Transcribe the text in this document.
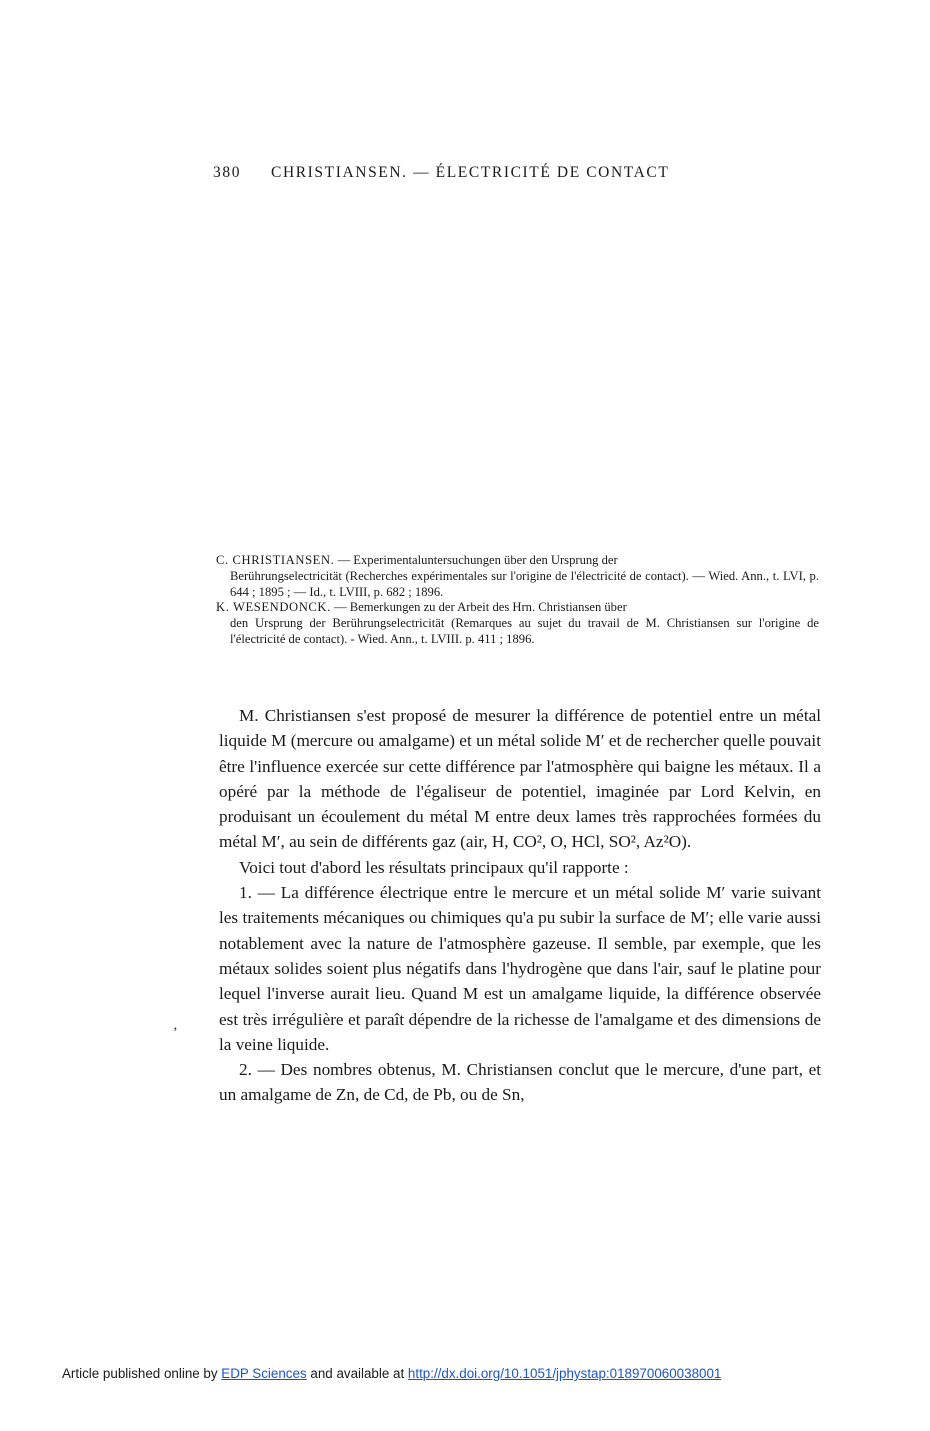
380 CHRISTIANSEN. — ÉLECTRICITÉ DE CONTACT

C. CHRISTIANSEN. — Experimentaluntersuchungen über den Ursprung der
Berührungselectricität (Recherches expérimentales sur l'origine de l'électricité de contact). — Wied. Ann., t. LVI, p. 644 ; 1895 ; — Id., t. LVIII, p. 682 ; 1896.

K. WESENDONCK. — Bemerkungen zu der Arbeit des Hrn. Christiansen über
den Ursprung der Berührungselectricität (Remarques au sujet du travail de M. Christiansen sur l'origine de l'électricité de contact). - Wied. Ann., t. LVIII. p. 411 ; 1896.

M. Christiansen s'est proposé de mesurer la différence de potentiel entre un métal liquide M (mercure ou amalgame) et un métal solide M′ et de rechercher quelle pouvait être l'influence exercée sur cette différence par l'atmosphère qui baigne les métaux. Il a opéré par la méthode de l'égaliseur de potentiel, imaginée par Lord Kelvin, en produisant un écoulement du métal M entre deux lames très rapprochées formées du métal M′, au sein de différents gaz (air, H, CO², O, HCl, SO², Az²O).

Voici tout d'abord les résultats principaux qu'il rapporte :

1. — La différence électrique entre le mercure et un métal solide M′ varie suivant les traitements mécaniques ou chimiques qu'a pu subir la surface de M′; elle varie aussi notablement avec la nature de l'atmosphère gazeuse. Il semble, par exemple, que les métaux solides soient plus négatifs dans l'hydrogène que dans l'air, sauf le platine pour lequel l'inverse aurait lieu. Quand M est un amalgame liquide, la différence observée est très irrégulière et paraît dépendre de la richesse de l'amalgame et des dimensions de la veine liquide.

2. — Des nombres obtenus, M. Christiansen conclut que le mercure, d'une part, et un amalgame de Zn, de Cd, de Pb, ou de Sn,

‚
Article published online by EDP Sciences and available at http://dx.doi.org/10.1051/jphystap:018970060038001
